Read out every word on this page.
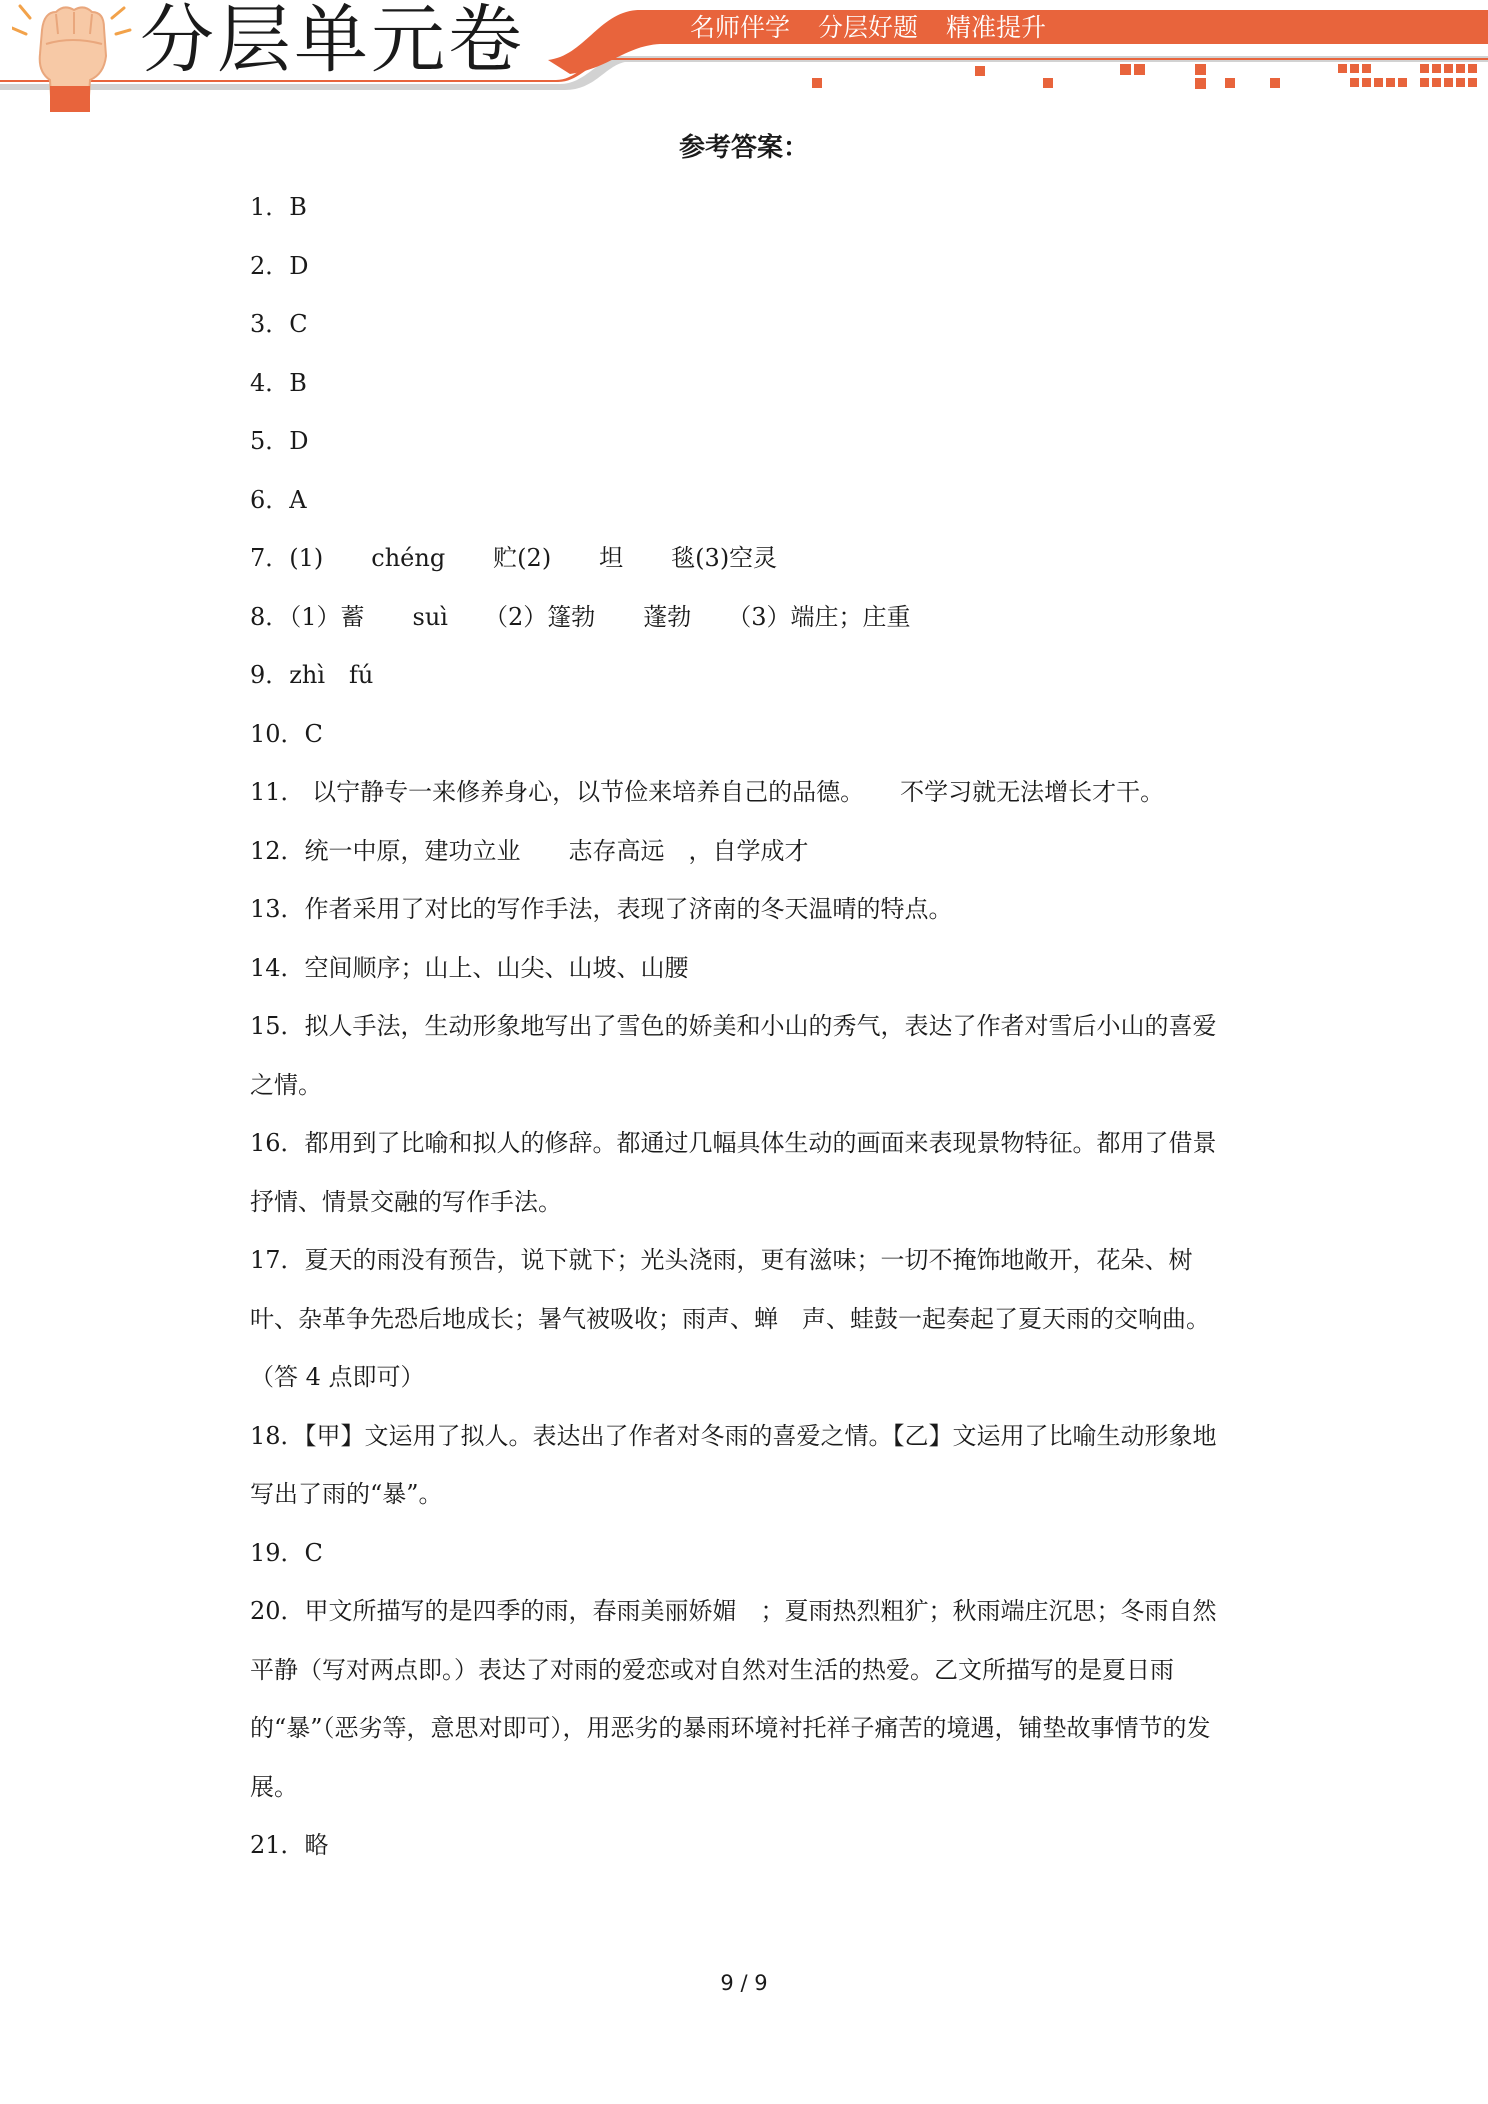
分层单元卷	名师伴学 分层好题 精准提升
参考答案：
1．B
2．D
3．C
4．B
5．D
6．A
7．(1)　　chéng　　贮(2)　　坦　　毯(3)空灵
8．（1）蓄　　suì　　（2）篷勃　　蓬勃　　（3）端庄；庄重
9．zhì　fú
10．C
11． 以宁静专一来修养身心，以节俭来培养自己的品德。　　不学习就无法增长才干。
12．统一中原，建功立业　　志存高远　，自学成才
13．作者采用了对比的写作手法，表现了济南的冬天温晴的特点。
14．空间顺序；山上、山尖、山坡、山腰
15．拟人手法，生动形象地写出了雪色的娇美和小山的秀气，表达了作者对雪后小山的喜爱之情。
16．都用到了比喻和拟人的修辞。都通过几幅具体生动的画面来表现景物特征。都用了借景抒情、情景交融的写作手法。
17．夏天的雨没有预告，说下就下；光头浇雨，更有滋味；一切不掩饰地敞开，花朵、树叶、杂革争先恐后地成长；暑气被吸收；雨声、蝉　声、蛙鼓一起奏起了夏天雨的交响曲。（答 4 点即可）
18．【甲】文运用了拟人。表达出了作者对冬雨的喜爱之情。【乙】文运用了比喻生动形象地写出了雨的“暴”。
19．C
20．甲文所描写的是四季的雨，春雨美丽娇媚　；夏雨热烈粗犷；秋雨端庄沉思；冬雨自然平静（写对两点即。）表达了对雨的爱恋或对自然对生活的热爱。乙文所描写的是夏日雨的“暴”（恶劣等，意思对即可），用恶劣的暴雨环境衬托祥子痛苦的境遇，铺垫故事情节的发展。
21．略
9 / 9
